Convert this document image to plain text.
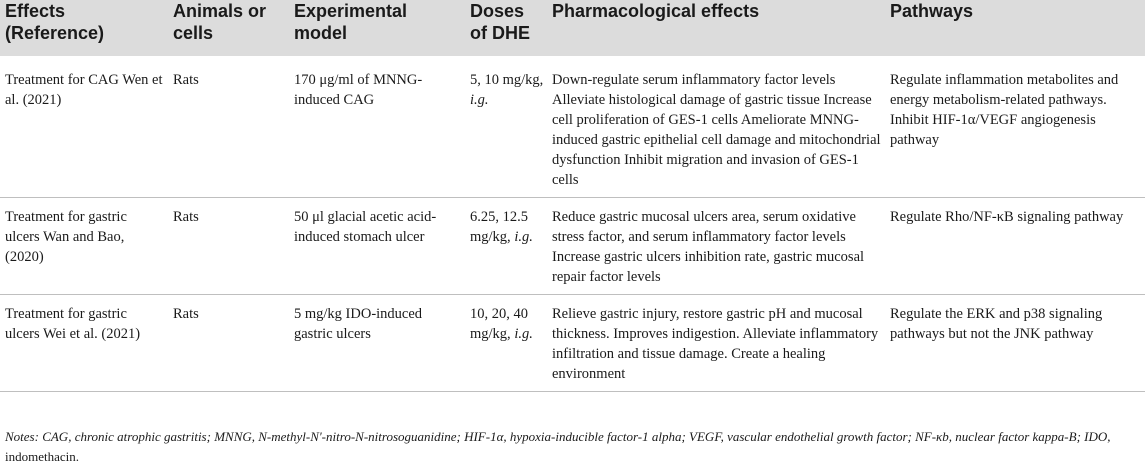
Effects (Reference)	Animals or cells	Experimental model	Doses of DHE	Pharmacological effects	Pathways
Treatment for CAG Wen et al. (2021)	Rats	170 μg/ml of MNNG-induced CAG	5, 10 mg/kg, i.g.	Down-regulate serum inflammatory factor levels Alleviate histological damage of gastric tissue Increase cell proliferation of GES-1 cells Ameliorate MNNG-induced gastric epithelial cell damage and mitochondrial dysfunction Inhibit migration and invasion of GES-1 cells	Regulate inflammation metabolites and energy metabolism-related pathways. Inhibit HIF-1α/VEGF angiogenesis pathway
Treatment for gastric ulcers Wan and Bao, (2020)	Rats	50 μl glacial acetic acid-induced stomach ulcer	6.25, 12.5 mg/kg, i.g.	Reduce gastric mucosal ulcers area, serum oxidative stress factor, and serum inflammatory factor levels Increase gastric ulcers inhibition rate, gastric mucosal repair factor levels	Regulate Rho/NF-κB signaling pathway
Treatment for gastric ulcers Wei et al. (2021)	Rats	5 mg/kg IDO-induced gastric ulcers	10, 20, 40 mg/kg, i.g.	Relieve gastric injury, restore gastric pH and mucosal thickness. Improves indigestion. Alleviate inflammatory infiltration and tissue damage. Create a healing environment	Regulate the ERK and p38 signaling pathways but not the JNK pathway
Notes: CAG, chronic atrophic gastritis; MNNG, N-methyl-N'-nitro-N-nitrosoguanidine; HIF-1α, hypoxia-inducible factor-1 alpha; VEGF, vascular endothelial growth factor; NF-κb, nuclear factor kappa-B; IDO, indomethacin.
